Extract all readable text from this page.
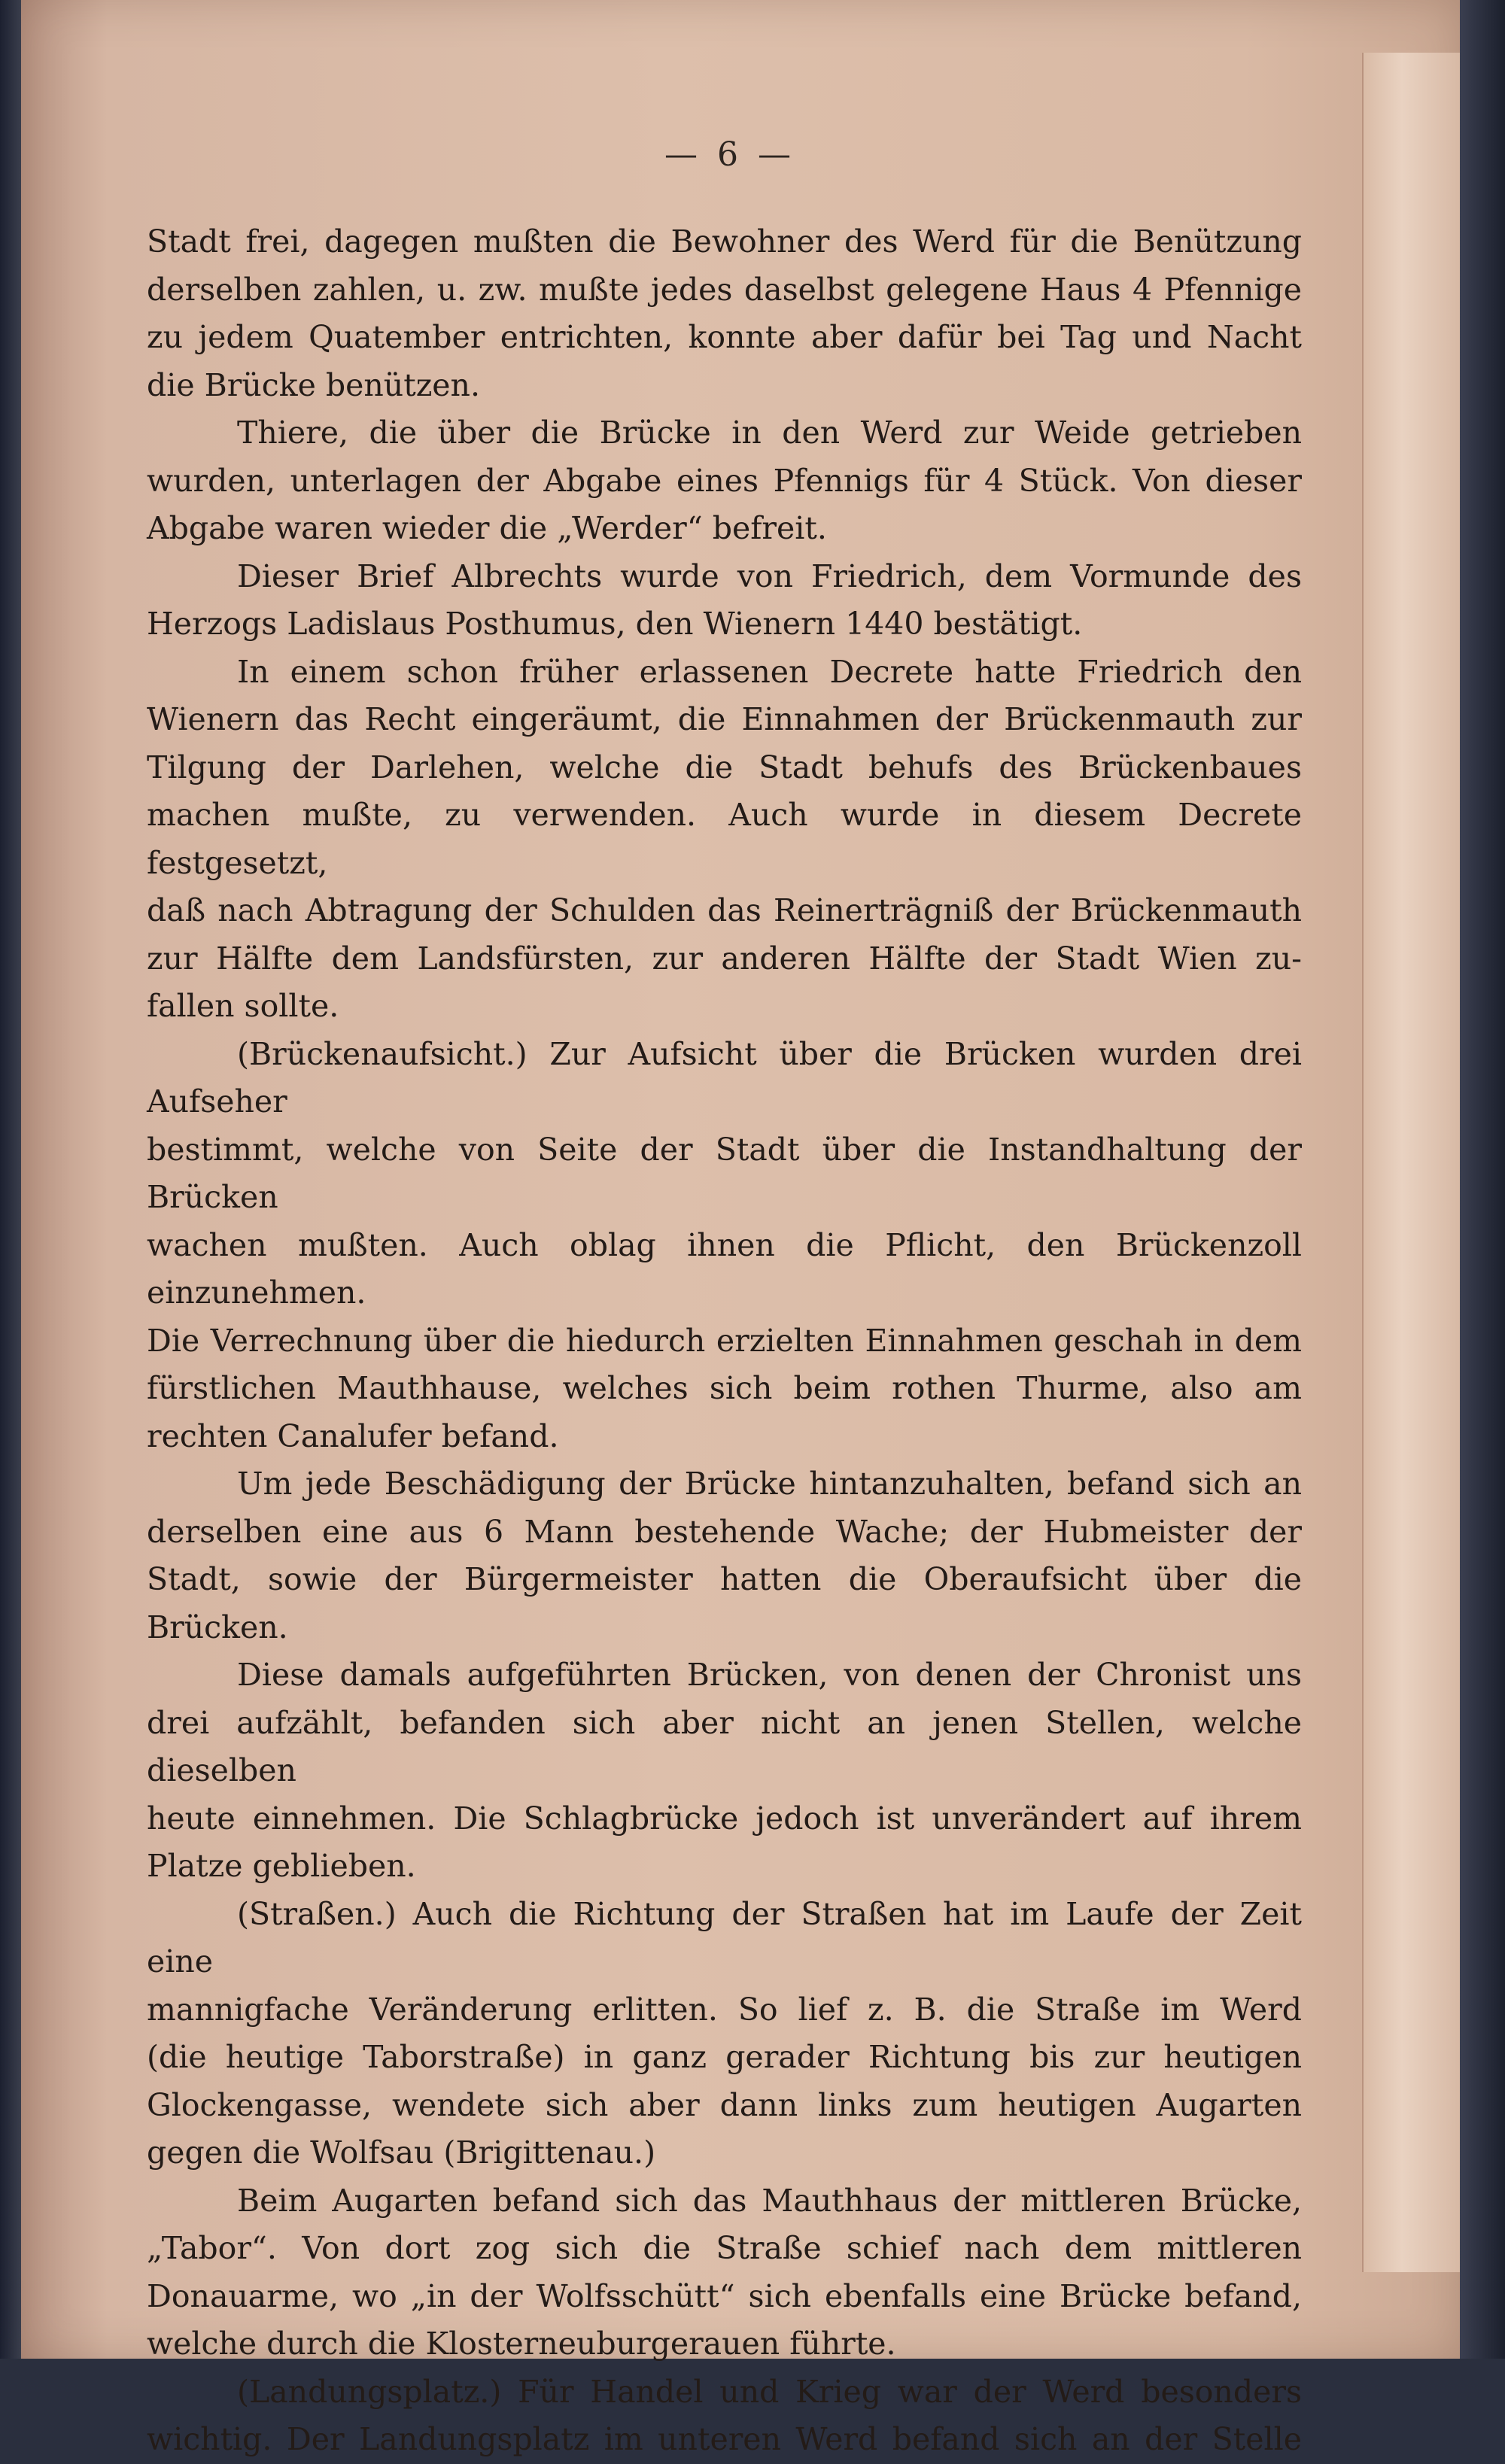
— 6 —

Stadt frei, dagegen mußten die Bewohner des Werd für die Benützung
derselben zahlen, u. zw. mußte jedes daselbst gelegene Haus 4 Pfennige
zu jedem Quatember entrichten, konnte aber dafür bei Tag und Nacht
die Brücke benützen.

Thiere, die über die Brücke in den Werd zur Weide getrieben
wurden, unterlagen der Abgabe eines Pfennigs für 4 Stück. Von dieser
Abgabe waren wieder die „Werder“ befreit.

Dieser Brief Albrechts wurde von Friedrich, dem Vormunde des
Herzogs Ladislaus Posthumus, den Wienern 1440 bestätigt.

In einem schon früher erlassenen Decrete hatte Friedrich den
Wienern das Recht eingeräumt, die Einnahmen der Brückenmauth zur
Tilgung der Darlehen, welche die Stadt behufs des Brückenbaues
machen mußte, zu verwenden. Auch wurde in diesem Decrete festgesetzt,
daß nach Abtragung der Schulden das Reinerträgniß der Brückenmauth
zur Hälfte dem Landsfürsten, zur anderen Hälfte der Stadt Wien zu-
fallen sollte.

(Brückenaufsicht.) Zur Aufsicht über die Brücken wurden drei Aufseher
bestimmt, welche von Seite der Stadt über die Instandhaltung der Brücken
wachen mußten. Auch oblag ihnen die Pflicht, den Brückenzoll einzunehmen.
Die Verrechnung über die hiedurch erzielten Einnahmen geschah in dem
fürstlichen Mauthhause, welches sich beim rothen Thurme, also am
rechten Canalufer befand.

Um jede Beschädigung der Brücke hintanzuhalten, befand sich an
derselben eine aus 6 Mann bestehende Wache; der Hubmeister der
Stadt, sowie der Bürgermeister hatten die Oberaufsicht über die Brücken.

Diese damals aufgeführten Brücken, von denen der Chronist uns
drei aufzählt, befanden sich aber nicht an jenen Stellen, welche dieselben
heute einnehmen. Die Schlagbrücke jedoch ist unverändert auf ihrem
Platze geblieben.

(Straßen.) Auch die Richtung der Straßen hat im Laufe der Zeit eine
mannigfache Veränderung erlitten. So lief z. B. die Straße im Werd
(die heutige Taborstraße) in ganz gerader Richtung bis zur heutigen
Glockengasse, wendete sich aber dann links zum heutigen Augarten
gegen die Wolfsau (Brigittenau.)

Beim Augarten befand sich das Mauthhaus der mittleren Brücke,
„Tabor“. Von dort zog sich die Straße schief nach dem mittleren
Donauarme, wo „in der Wolfsschütt“ sich ebenfalls eine Brücke befand,
welche durch die Klosterneuburgerauen führte.

(Landungsplatz.) Für Handel und Krieg war der Werd besonders
wichtig. Der Landungsplatz im unteren Werd befand sich an der Stelle
